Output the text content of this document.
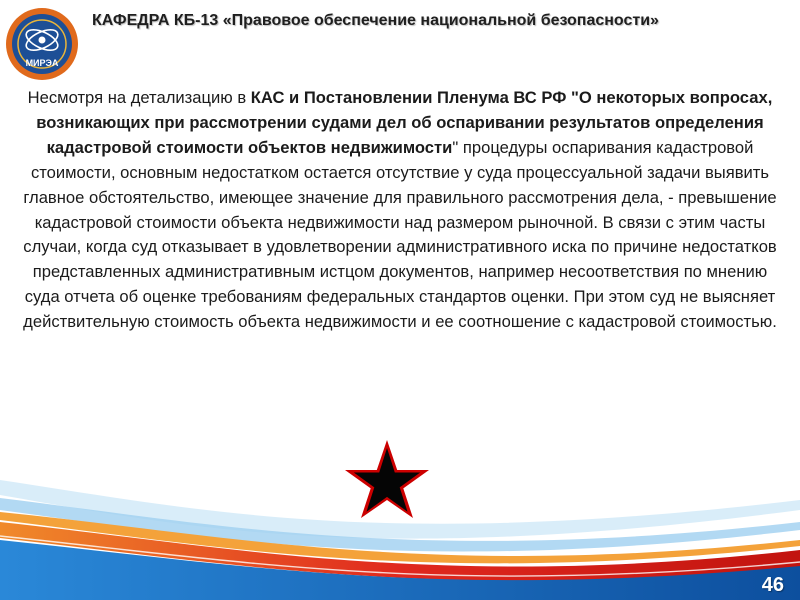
МИРЭА
КАФЕДРА КБ-13 «Правовое обеспечение национальной безопасности»
Несмотря на детализацию в КАС и Постановлении Пленума ВС РФ "О некоторых вопросах, возникающих при рассмотрении судами дел об оспаривании результатов определения кадастровой стоимости объектов недвижимости" процедуры оспаривания кадастровой стоимости, основным недостатком остается отсутствие у суда процессуальной задачи выявить главное обстоятельство, имеющее значение для правильного рассмотрения дела, - превышение кадастровой стоимости объекта недвижимости над размером рыночной. В связи с этим часты случаи, когда суд отказывает в удовлетворении административного иска по причине недостатков представленных административным истцом документов, например несоответствия по мнению суда отчета об оценке требованиям федеральных стандартов оценки. При этом суд не выясняет действительную стоимость объекта недвижимости и ее соотношение с кадастровой стоимостью.
46
